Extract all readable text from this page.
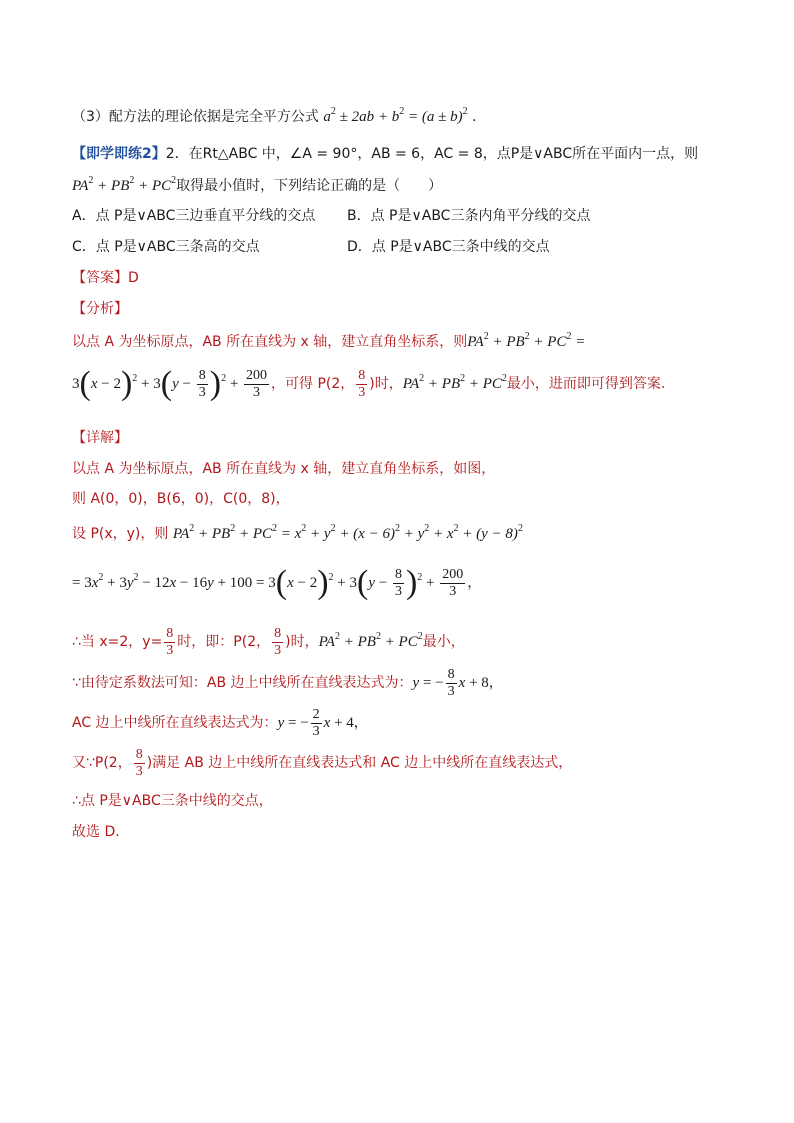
（3）配方法的理论依据是完全平方公式 $a^2 \pm 2ab + b^2 = (a \pm b)^2$ .
【即学即练2】2．在Rt△ABC 中，∠A = 90°，AB = 6，AC = 8，点P是∨ABC所在平面内一点，则
$PA^2 + PB^2 + PC^2$取得最小值时，下列结论正确的是（　　）
A．点 P是∨ABC三边垂直平分线的交点 B．点 P是∨ABC三条内角平分线的交点
C．点 P是∨ABC三条高的交点	D．点 P是∨ABC三条中线的交点
【答案】D
【分析】
以点 A 为坐标原点，AB 所在直线为 x 轴，建立直角坐标系，则$PA^2 + PB^2 + PC^2$ =
$3(x - 2)^2 + 3(y - \frac{8}{3} )^2 + \frac{200}{3}$ ，可得 P(2， $\frac{8}{3}$ )时，$PA^2 + PB^2 + PC^2$最小，进而即可得到答案.
【详解】
以点 A 为坐标原点，AB 所在直线为 x 轴，建立直角坐标系，如图，
则 A(0，0)，B(6，0)，C(0，8)，
设 P(x，y)，则 $PA^2 + PB^2 + PC^2 = x^2 + y^2 + (x - 6)^2 + y^2 + x^2 + (y - 8)^2$
= $3x^2 + 3y^2 - 12x - 16y + 100 = 3(x - 2)^2 + 3(y - \frac{8}{3} )^2 + \frac{200}{3}$ ，
∴当 x=2，$y= \frac{8}{3}$ 时，即：P(2， $\frac{8}{3}$ )时，$PA^2 + PB^2 + PC^2$最小，
∵由待定系数法可知：AB 边上中线所在直线表达式为：y = − $\frac{8}{3}$ x + 8，
AC 边上中线所在直线表达式为：y = − $\frac{2}{3}$ x + 4，
又∵P(2， $\frac{8}{3}$ )满足 AB 边上中线所在直线表达式和 AC 边上中线所在直线表达式，
∴点 P是∨ABC三条中线的交点，
故选 D．
